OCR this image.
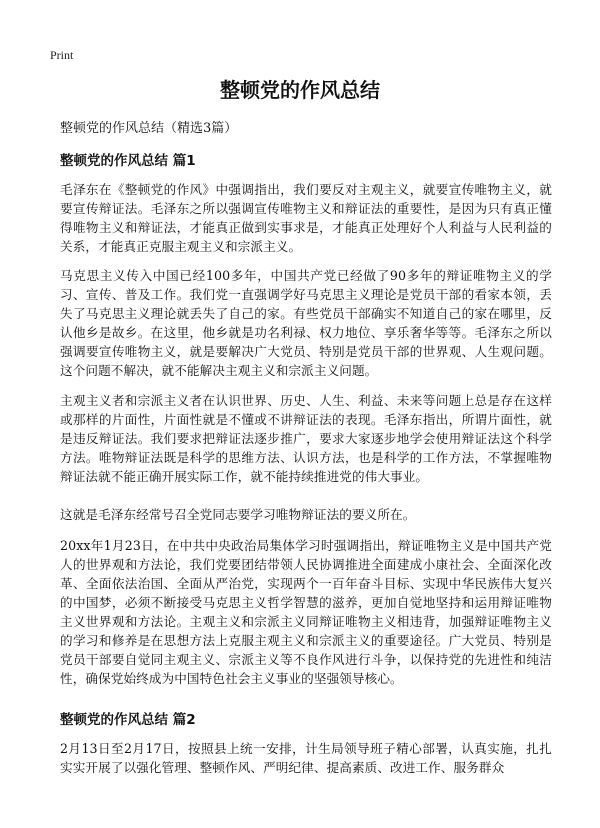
Print
整顿党的作风总结
整顿党的作风总结（精选3篇）
整顿党的作风总结 篇1

毛泽东在《整顿党的作风》中强调指出，我们要反对主观主义，就要宣传唯物主义，就要宣传辩证法。毛泽东之所以强调宣传唯物主义和辩证法的重要性，是因为只有真正懂得唯物主义和辩证法，才能真正做到实事求是，才能真正处理好个人利益与人民利益的关系，才能真正克服主观主义和宗派主义。

马克思主义传入中国已经100多年，中国共产党已经做了90多年的辩证唯物主义的学习、宣传、普及工作。我们党一直强调学好马克思主义理论是党员干部的看家本领，丢失了马克思主义理论就丢失了自己的家。有些党员干部确实不知道自己的家在哪里，反认他乡是故乡。在这里，他乡就是功名利禄、权力地位、享乐奢华等等。毛泽东之所以强调要宣传唯物主义，就是要解决广大党员、特别是党员干部的世界观、人生观问题。这个问题不解决，就不能解决主观主义和宗派主义问题。

主观主义者和宗派主义者在认识世界、历史、人生、利益、未来等问题上总是存在这样或那样的片面性，片面性就是不懂或不讲辩证法的表现。毛泽东指出，所谓片面性，就是违反辩证法。我们要求把辩证法逐步推广，要求大家逐步地学会使用辩证法这个科学方法。唯物辩证法既是科学的思维方法、认识方法，也是科学的工作方法，不掌握唯物辩证法就不能正确开展实际工作，就不能持续推进党的伟大事业。

这就是毛泽东经常号召全党同志要学习唯物辩证法的要义所在。

20xx年1月23日，在中共中央政治局集体学习时强调指出，辩证唯物主义是中国共产党人的世界观和方法论，我们党要团结带领人民协调推进全面建成小康社会、全面深化改革、全面依法治国、全面从严治党，实现两个一百年奋斗目标、实现中华民族伟大复兴的中国梦，必须不断接受马克思主义哲学智慧的滋养，更加自觉地坚持和运用辩证唯物主义世界观和方法论。主观主义和宗派主义同辩证唯物主义相违背，加强辩证唯物主义的学习和修养是在思想方法上克服主观主义和宗派主义的重要途径。广大党员、特别是党员干部要自觉同主观主义、宗派主义等不良作风进行斗争，以保持党的先进性和纯洁性，确保党始终成为中国特色社会主义事业的坚强领导核心。

整顿党的作风总结 篇2

2月13日至2月17日，按照县上统一安排，计生局领导班子精心部署，认真实施，扎扎实实开展了以强化管理、整顿作风、严明纪律、提高素质、改进工作、服务群众
